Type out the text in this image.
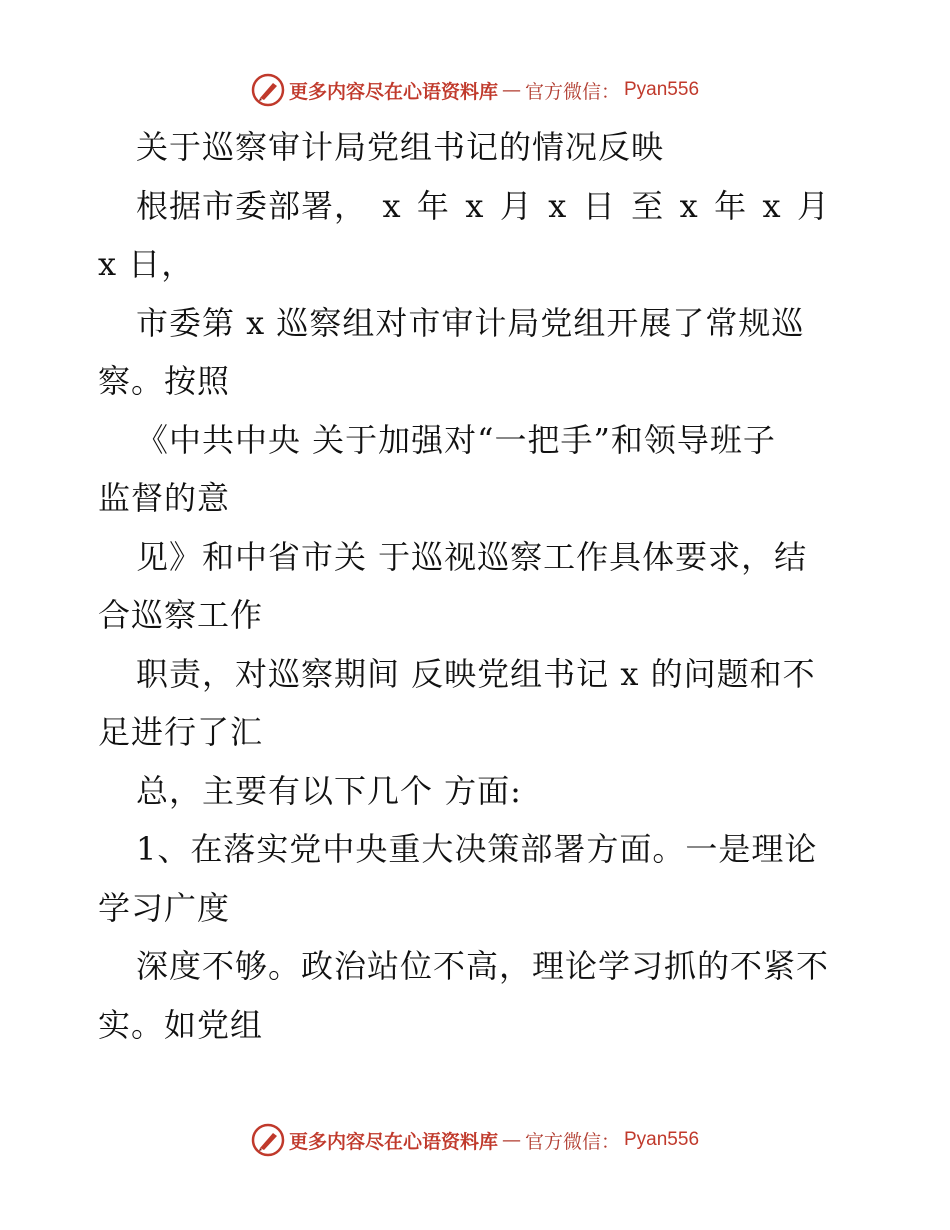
更多内容尽在心语资料库 — 官方微信： Pyan556
关于巡察审计局党组书记的情况反映
根据市委部署， x 年 x 月 x 日 至 x 年 x 月
x 日，
市委第 x 巡察组对市审计局党组开展了常规巡
察。按照
《中共中央 关于加强对“一把手”和领导班子
监督的意
见》和中省市关 于巡视巡察工作具体要求，结
合巡察工作
职责，对巡察期间 反映党组书记 x 的问题和不
足进行了汇
总，主要有以下几个 方面:
1、在落实党中央重大决策部署方面。一是理论
学习广度
深度不够。政治站位不高，理论学习抓的不紧不
实。如党组
更多内容尽在心语资料库 — 官方微信： Pyan556
